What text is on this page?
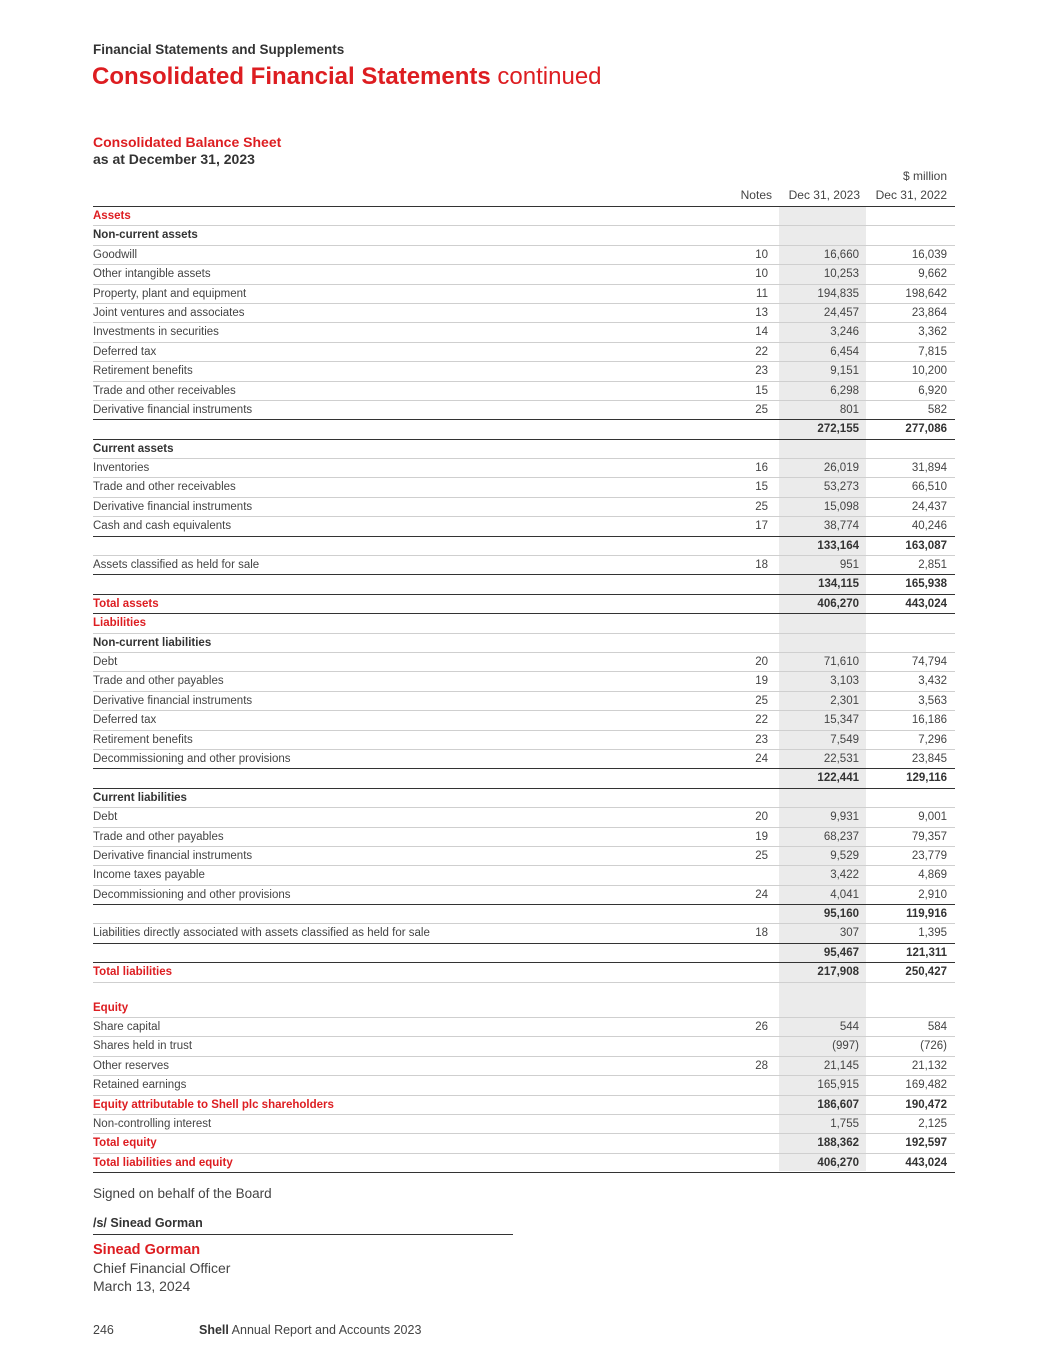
Financial Statements and Supplements
Consolidated Financial Statements continued
Consolidated Balance Sheet
as at December 31, 2023
$ million
Notes	Dec 31, 2023	Dec 31, 2022
Assets
Non-current assets
Goodwill	10	16,660	16,039
Other intangible assets	10	10,253	9,662
Property, plant and equipment	11	194,835	198,642
Joint ventures and associates	13	24,457	23,864
Investments in securities	14	3,246	3,362
Deferred tax	22	6,454	7,815
Retirement benefits	23	9,151	10,200
Trade and other receivables	15	6,298	6,920
Derivative financial instruments	25	801	582
272,155	277,086
Current assets
Inventories	16	26,019	31,894
Trade and other receivables	15	53,273	66,510
Derivative financial instruments	25	15,098	24,437
Cash and cash equivalents	17	38,774	40,246
133,164	163,087
Assets classified as held for sale	18	951	2,851
134,115	165,938
Total assets	406,270	443,024
Liabilities
Non-current liabilities
Debt	20	71,610	74,794
Trade and other payables	19	3,103	3,432
Derivative financial instruments	25	2,301	3,563
Deferred tax	22	15,347	16,186
Retirement benefits	23	7,549	7,296
Decommissioning and other provisions	24	22,531	23,845
122,441	129,116
Current liabilities
Debt	20	9,931	9,001
Trade and other payables	19	68,237	79,357
Derivative financial instruments	25	9,529	23,779
Income taxes payable	3,422	4,869
Decommissioning and other provisions	24	4,041	2,910
95,160	119,916
Liabilities directly associated with assets classified as held for sale	18	307	1,395
95,467	121,311
Total liabilities	217,908	250,427
Equity
Share capital	26	544	584
Shares held in trust	(997)	(726)
Other reserves	28	21,145	21,132
Retained earnings	165,915	169,482
Equity attributable to Shell plc shareholders	186,607	190,472
Non-controlling interest	1,755	2,125
Total equity	188,362	192,597
Total liabilities and equity	406,270	443,024
Signed on behalf of the Board
/s/ Sinead Gorman
Sinead Gorman
Chief Financial Officer
March 13, 2024
246	Shell Annual Report and Accounts 2023
